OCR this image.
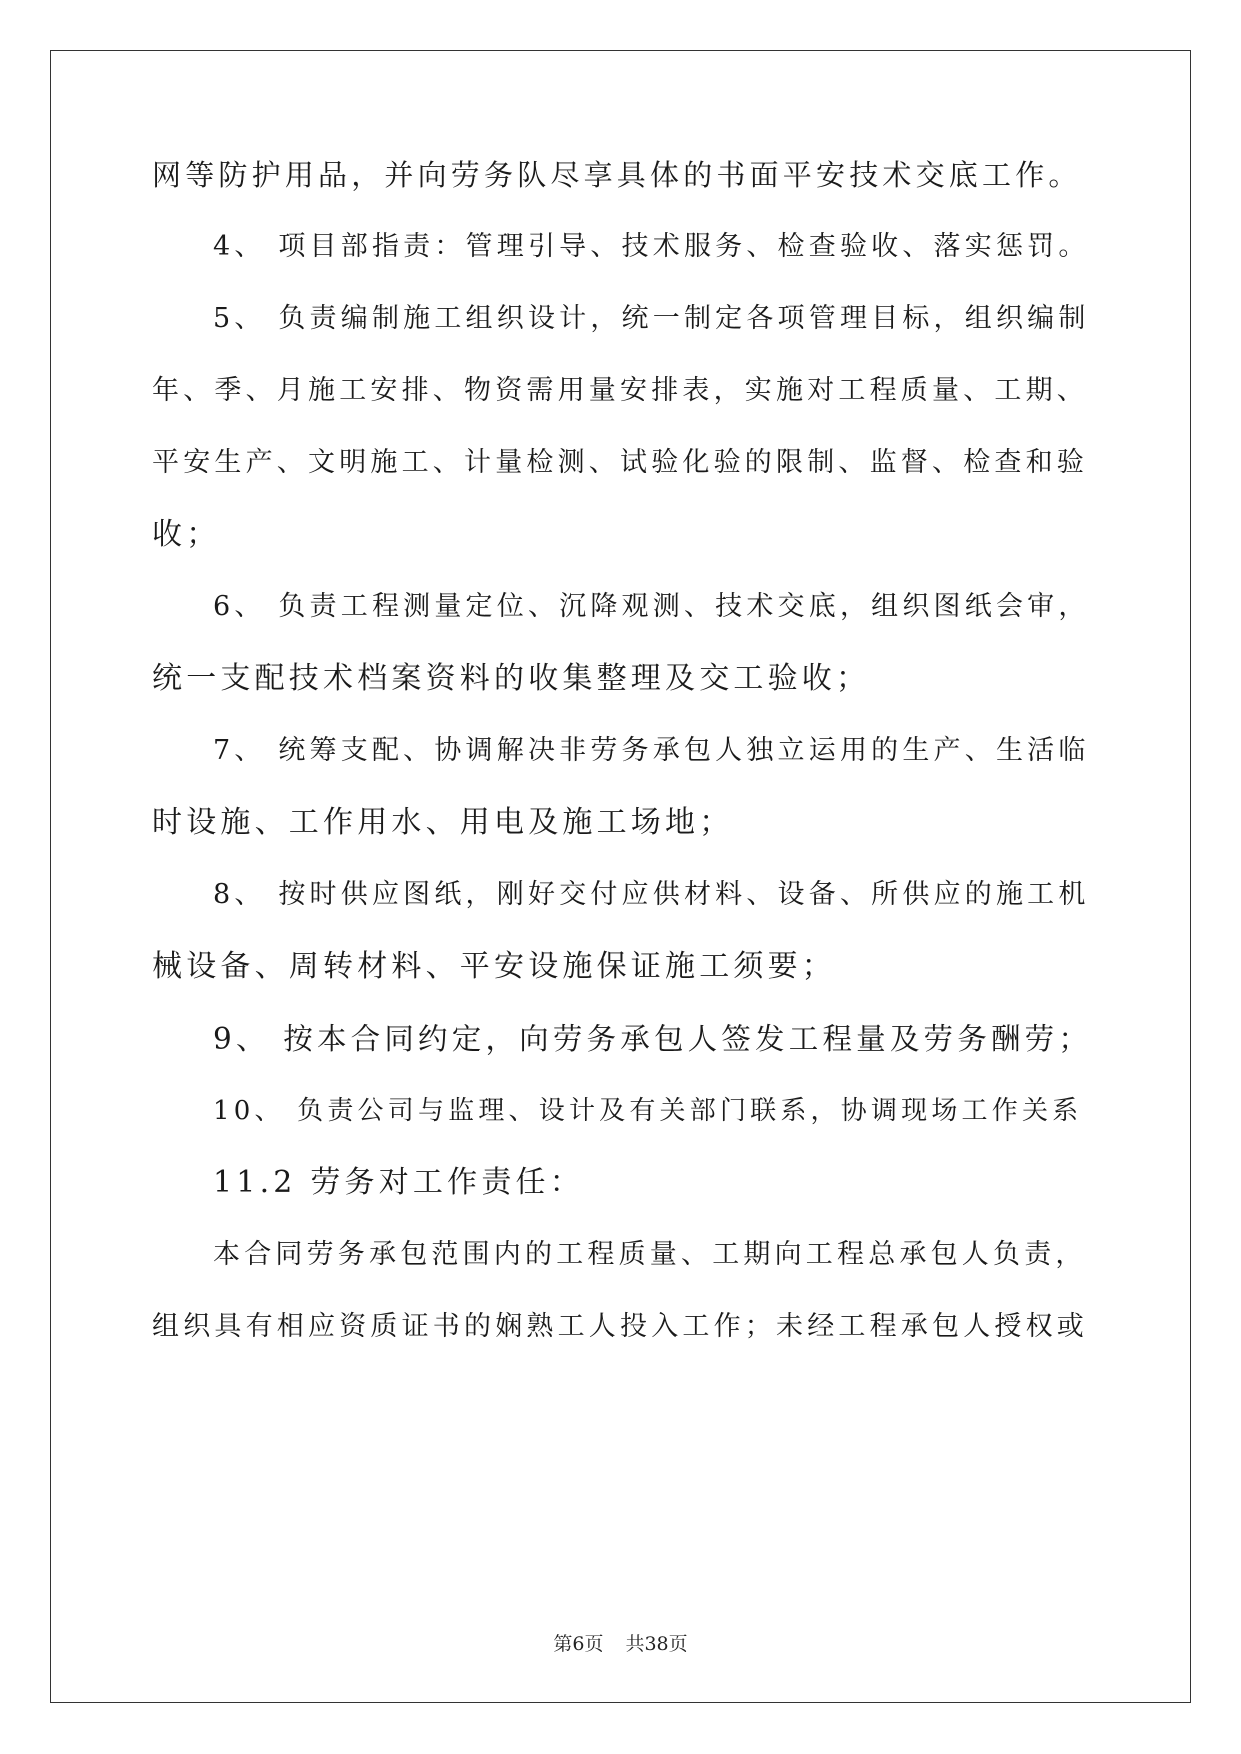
网等防护用品，并向劳务队尽享具体的书面平安技术交底工作。
4、 项目部指责：管理引导、技术服务、检查验收、落实惩罚。
5、 负责编制施工组织设计，统一制定各项管理目标，组织编制
年、季、月施工安排、物资需用量安排表，实施对工程质量、工期、
平安生产、文明施工、计量检测、试验化验的限制、监督、检查和验
收；
6、 负责工程测量定位、沉降观测、技术交底，组织图纸会审，
统一支配技术档案资料的收集整理及交工验收；
7、 统筹支配、协调解决非劳务承包人独立运用的生产、生活临
时设施、工作用水、用电及施工场地；
8、 按时供应图纸，刚好交付应供材料、设备、所供应的施工机
械设备、周转材料、平安设施保证施工须要；
9、 按本合同约定，向劳务承包人签发工程量及劳务酬劳；
10、 负责公司与监理、设计及有关部门联系，协调现场工作关系
11.2 劳务对工作责任：
本合同劳务承包范围内的工程质量、工期向工程总承包人负责，
组织具有相应资质证书的娴熟工人投入工作；未经工程承包人授权或
第6页 共38页
